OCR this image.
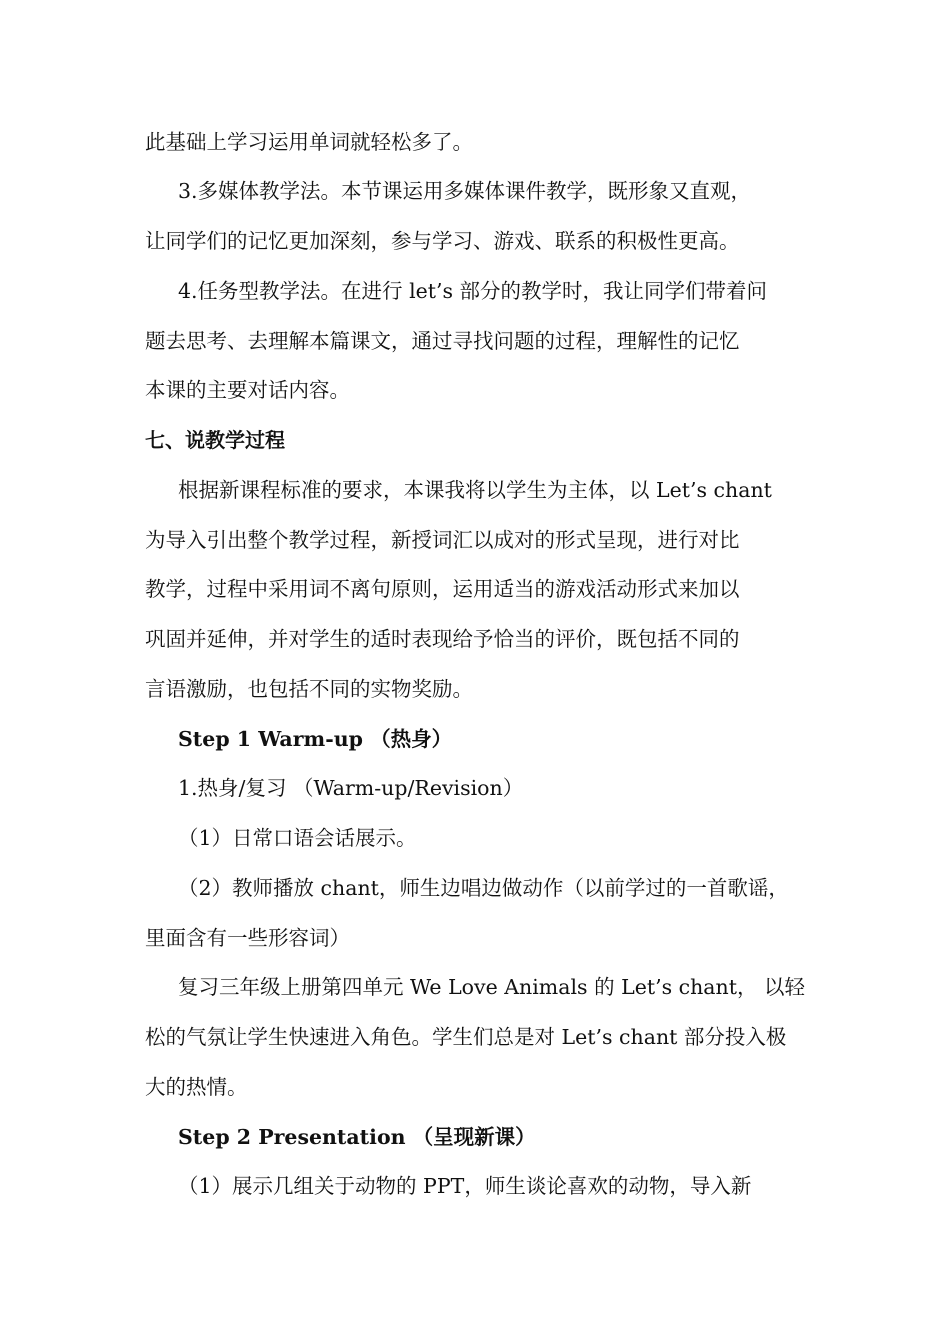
此基础上学习运用单词就轻松多了。
3.多媒体教学法。本节课运用多媒体课件教学，既形象又直观，
让同学们的记忆更加深刻，参与学习、游戏、联系的积极性更高。
4.任务型教学法。在进行 let’s 部分的教学时，我让同学们带着问
题去思考、去理解本篇课文，通过寻找问题的过程，理解性的记忆
本课的主要对话内容。
七、说教学过程
根据新课程标准的要求，本课我将以学生为主体，以 Let’s chant
为导入引出整个教学过程，新授词汇以成对的形式呈现，进行对比
教学，过程中采用词不离句原则，运用适当的游戏活动形式来加以
巩固并延伸，并对学生的适时表现给予恰当的评价，既包括不同的
言语激励，也包括不同的实物奖励。
Step 1 Warm-up （热身）
1.热身/复习 （Warm-up/Revision）
（1）日常口语会话展示。
（2）教师播放 chant，师生边唱边做动作（以前学过的一首歌谣，
里面含有一些形容词）
复习三年级上册第四单元 We Love Animals 的 Let’s chant， 以轻
松的气氛让学生快速进入角色。学生们总是对 Let’s chant 部分投入极
大的热情。
Step 2 Presentation （呈现新课）
（1）展示几组关于动物的 PPT，师生谈论喜欢的动物，导入新
